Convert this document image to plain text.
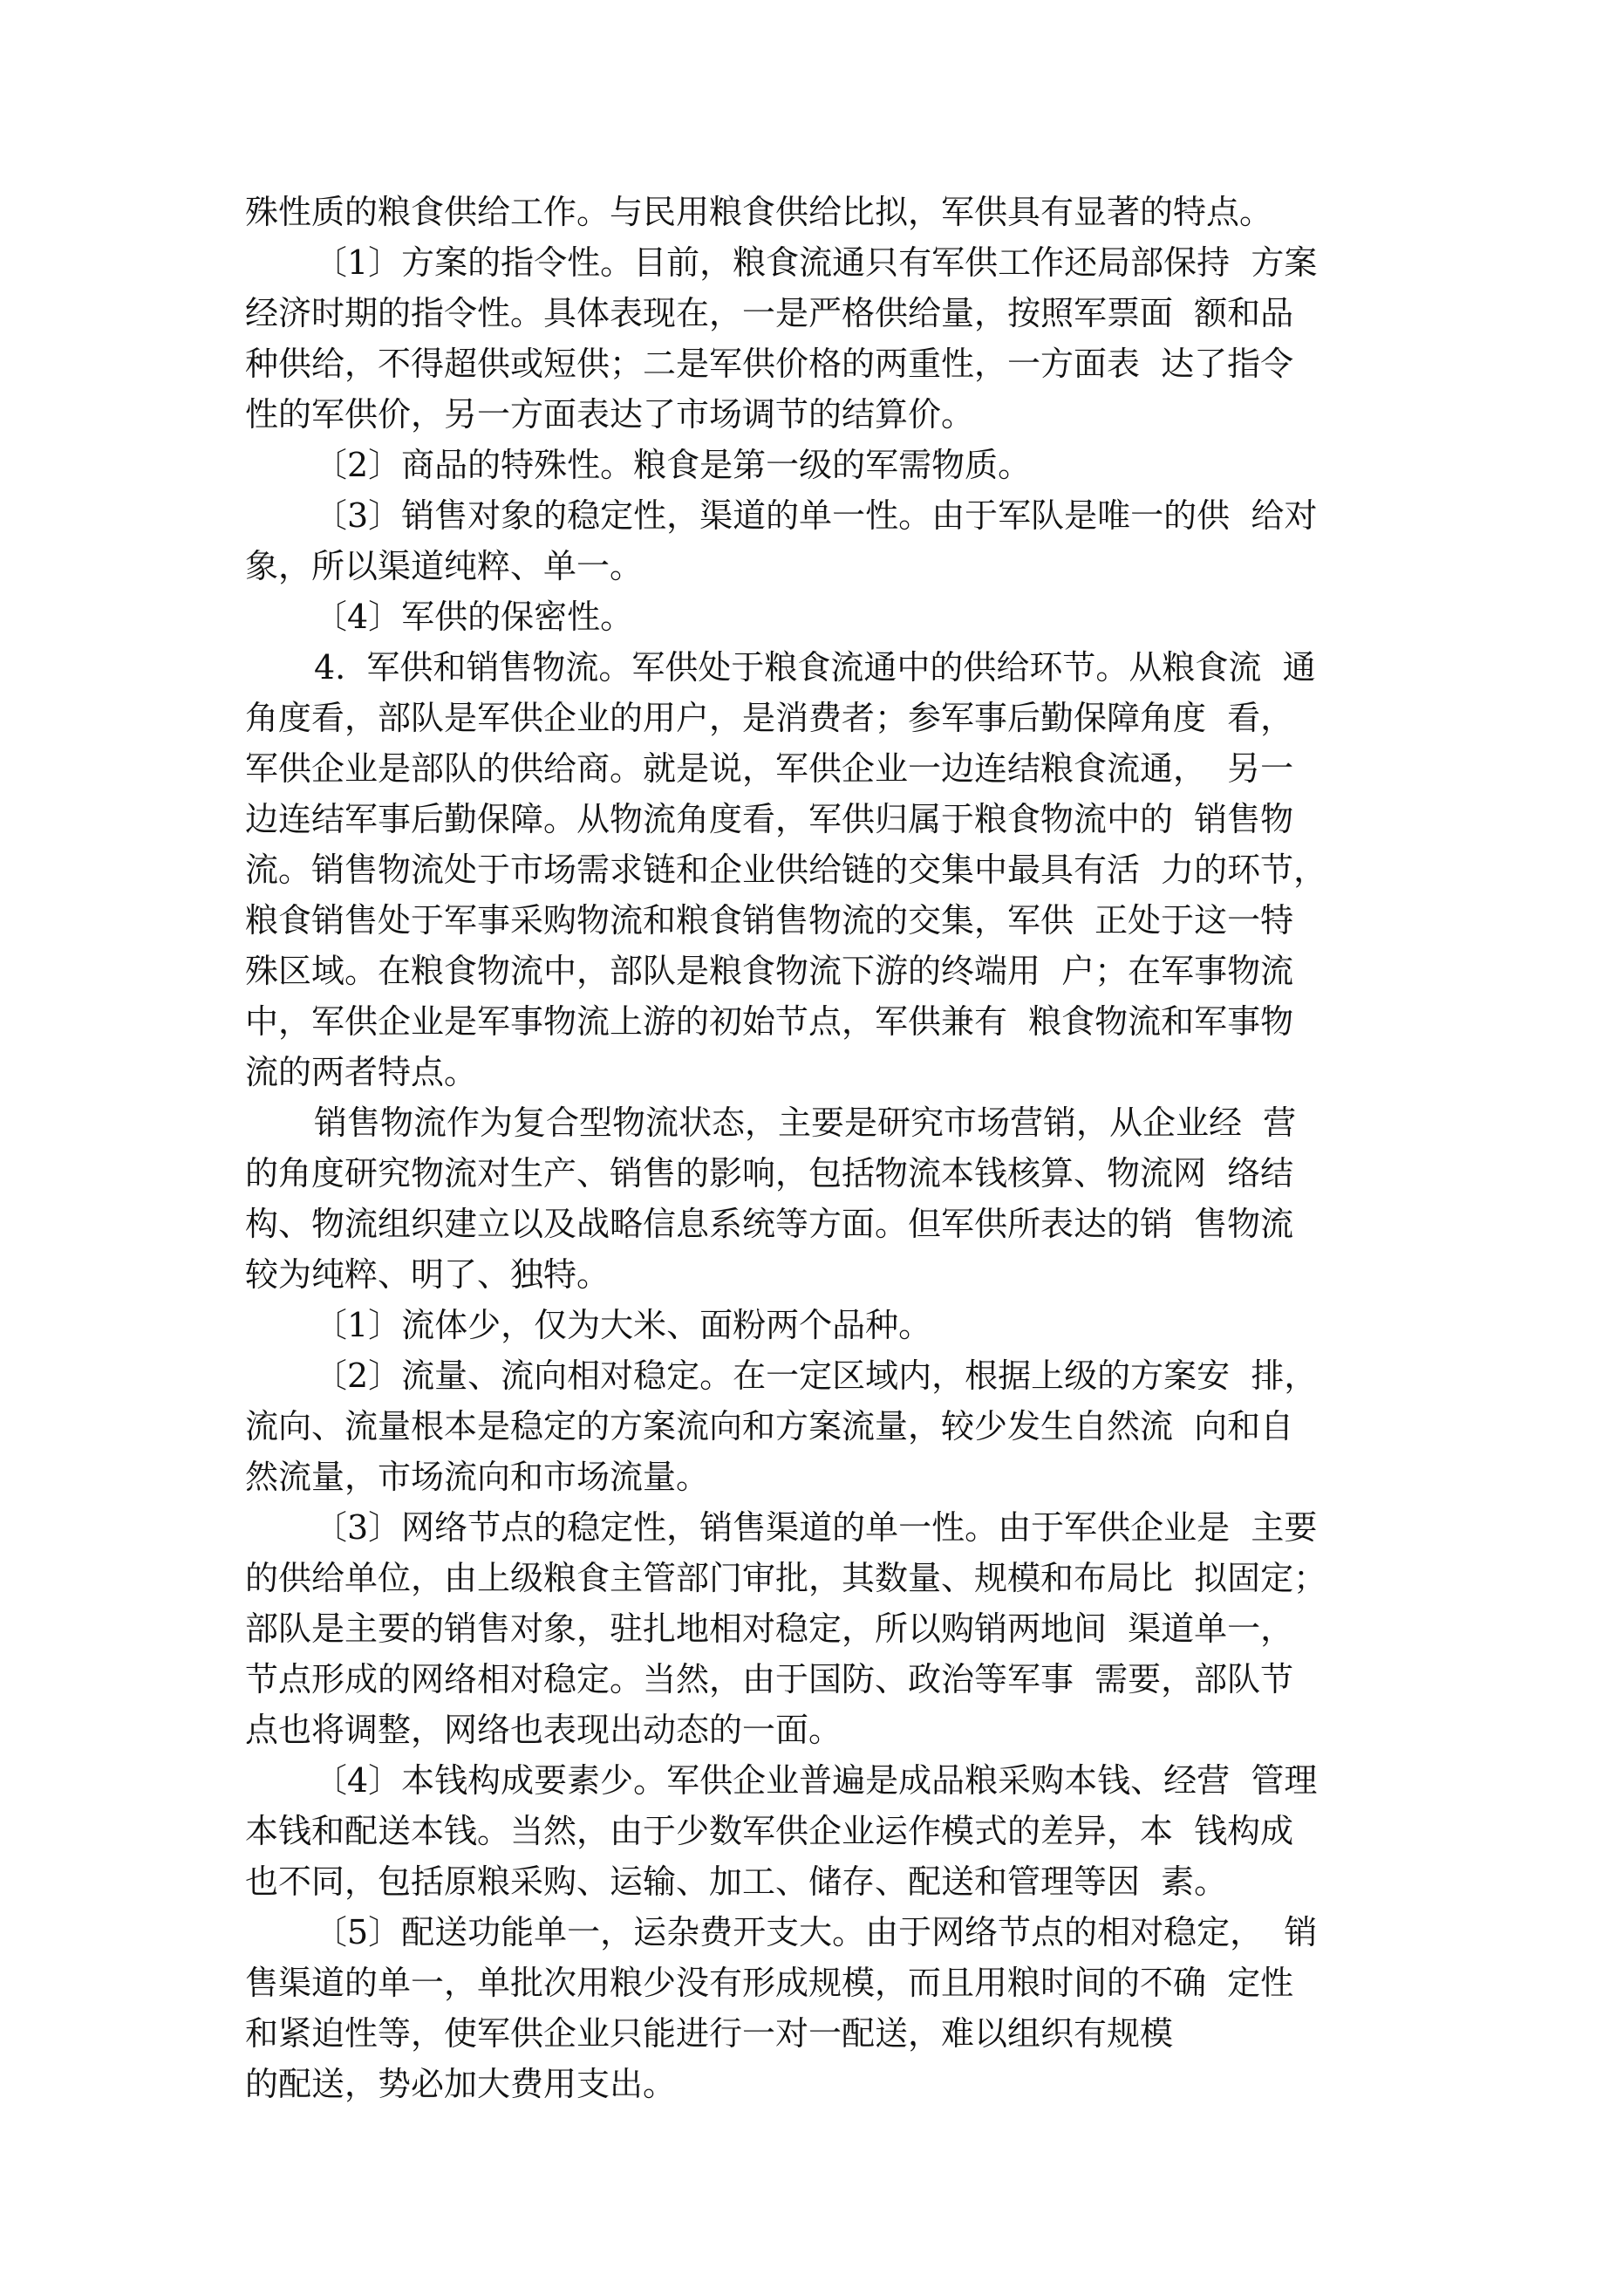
殊性质的粮食供给工作。与民用粮食供给比拟，军供具有显著的特点。
〔1〕方案的指令性。目前，粮食流通只有军供工作还局部保持  方案
经济时期的指令性。具体表现在，一是严格供给量，按照军票面  额和品
种供给，不得超供或短供；二是军供价格的两重性，一方面表  达了指令
性的军供价，另一方面表达了市场调节的结算价。
〔2〕商品的特殊性。粮食是第一级的军需物质。
〔3〕销售对象的稳定性，渠道的单一性。由于军队是唯一的供  给对
象，所以渠道纯粹、单一。
〔4〕军供的保密性。
4.  军供和销售物流。军供处于粮食流通中的供给环节。从粮食流  通
角度看，部队是军供企业的用户，是消费者；参军事后勤保障角度  看，
军供企业是部队的供给商。就是说，军供企业一边连结粮食流通，  另一
边连结军事后勤保障。从物流角度看，军供归属于粮食物流中的  销售物
流。销售物流处于市场需求链和企业供给链的交集中最具有活  力的环节，
粮食销售处于军事采购物流和粮食销售物流的交集，军供  正处于这一特
殊区域。在粮食物流中，部队是粮食物流下游的终端用  户；在军事物流
中，军供企业是军事物流上游的初始节点，军供兼有  粮食物流和军事物
流的两者特点。
销售物流作为复合型物流状态，主要是研究市场营销，从企业经  营
的角度研究物流对生产、销售的影响，包括物流本钱核算、物流网  络结
构、物流组织建立以及战略信息系统等方面。但军供所表达的销  售物流
较为纯粹、明了、独特。
〔1〕流体少，仅为大米、面粉两个品种。
〔2〕流量、流向相对稳定。在一定区域内，根据上级的方案安  排，
流向、流量根本是稳定的方案流向和方案流量，较少发生自然流  向和自
然流量，市场流向和市场流量。
〔3〕网络节点的稳定性，销售渠道的单一性。由于军供企业是  主要
的供给单位，由上级粮食主管部门审批，其数量、规模和布局比  拟固定；
部队是主要的销售对象，驻扎地相对稳定，所以购销两地间  渠道单一，
节点形成的网络相对稳定。当然，由于国防、政治等军事  需要，部队节
点也将调整，网络也表现出动态的一面。
〔4〕本钱构成要素少。军供企业普遍是成品粮采购本钱、经营  管理
本钱和配送本钱。当然，由于少数军供企业运作模式的差异，本  钱构成
也不同，包括原粮采购、运输、加工、储存、配送和管理等因  素。
〔5〕配送功能单一，运杂费开支大。由于网络节点的相对稳定，  销
售渠道的单一，单批次用粮少没有形成规模，而且用粮时间的不确  定性
和紧迫性等，使军供企业只能进行一对一配送，难以组织有规模
的配送，势必加大费用支出。
